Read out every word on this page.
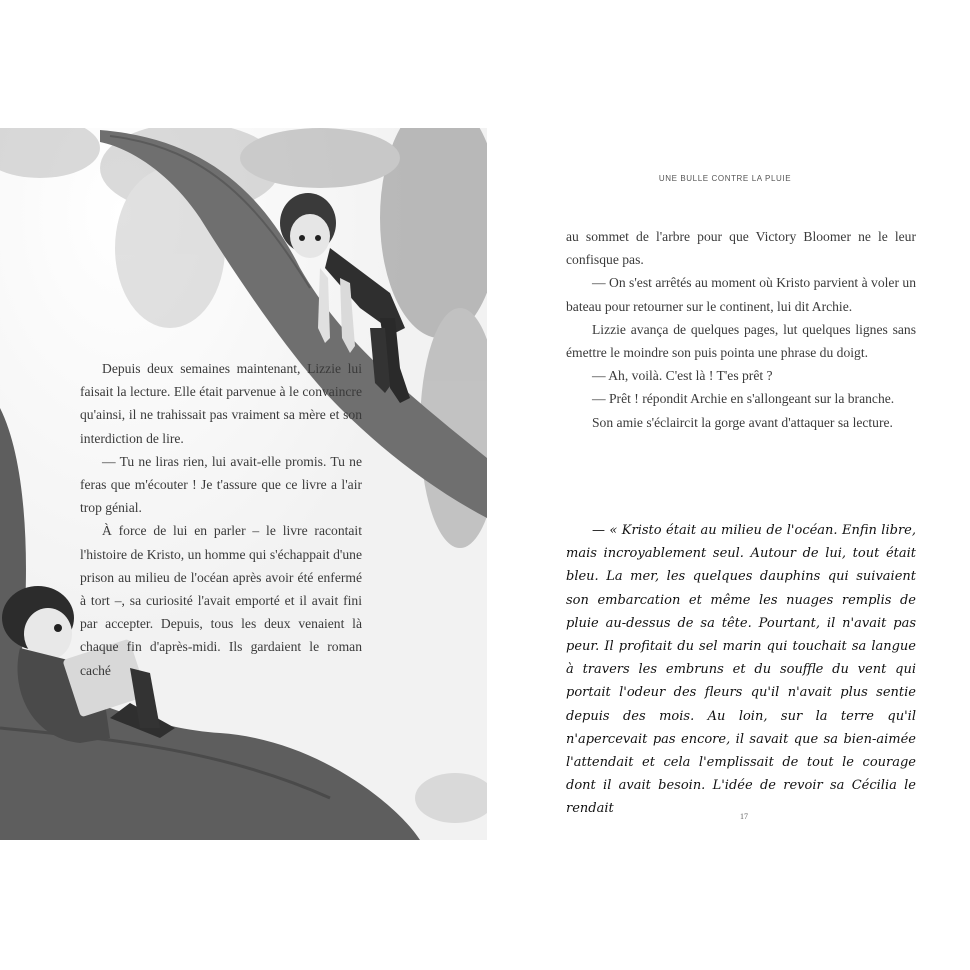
Depuis deux semaines maintenant, Lizzie lui faisait la lecture. Elle était parvenue à le convaincre qu'ainsi, il ne trahissait pas vraiment sa mère et son interdiction de lire.

— Tu ne liras rien, lui avait-elle promis. Tu ne feras que m'écouter ! Je t'assure que ce livre a l'air trop génial.

À force de lui en parler – le livre racontait l'histoire de Kristo, un homme qui s'échappait d'une prison au milieu de l'océan après avoir été enfermé à tort –, sa curiosité l'avait emporté et il avait fini par accepter. Depuis, tous les deux venaient là chaque fin d'après-midi. Ils gardaient le roman caché

UNE BULLE CONTRE LA PLUIE

au sommet de l'arbre pour que Victory Bloomer ne le leur confisque pas.

— On s'est arrêtés au moment où Kristo parvient à voler un bateau pour retourner sur le continent, lui dit Archie.

Lizzie avança de quelques pages, lut quelques lignes sans émettre le moindre son puis pointa une phrase du doigt.

— Ah, voilà. C'est là ! T'es prêt ?

— Prêt ! répondit Archie en s'allongeant sur la branche.

Son amie s'éclaircit la gorge avant d'attaquer sa lecture.

— « Kristo était au milieu de l'océan. Enfin libre, mais incroyablement seul. Autour de lui, tout était bleu. La mer, les quelques dauphins qui suivaient son embarcation et même les nuages remplis de pluie au-dessus de sa tête. Pourtant, il n'avait pas peur. Il profitait du sel marin qui touchait sa langue à travers les embruns et du souffle du vent qui portait l'odeur des fleurs qu'il n'avait plus sentie depuis des mois. Au loin, sur la terre qu'il n'apercevait pas encore, il savait que sa bien-aimée l'attendait et cela l'emplissait de tout le courage dont il avait besoin. L'idée de revoir sa Cécilia le rendait

17
